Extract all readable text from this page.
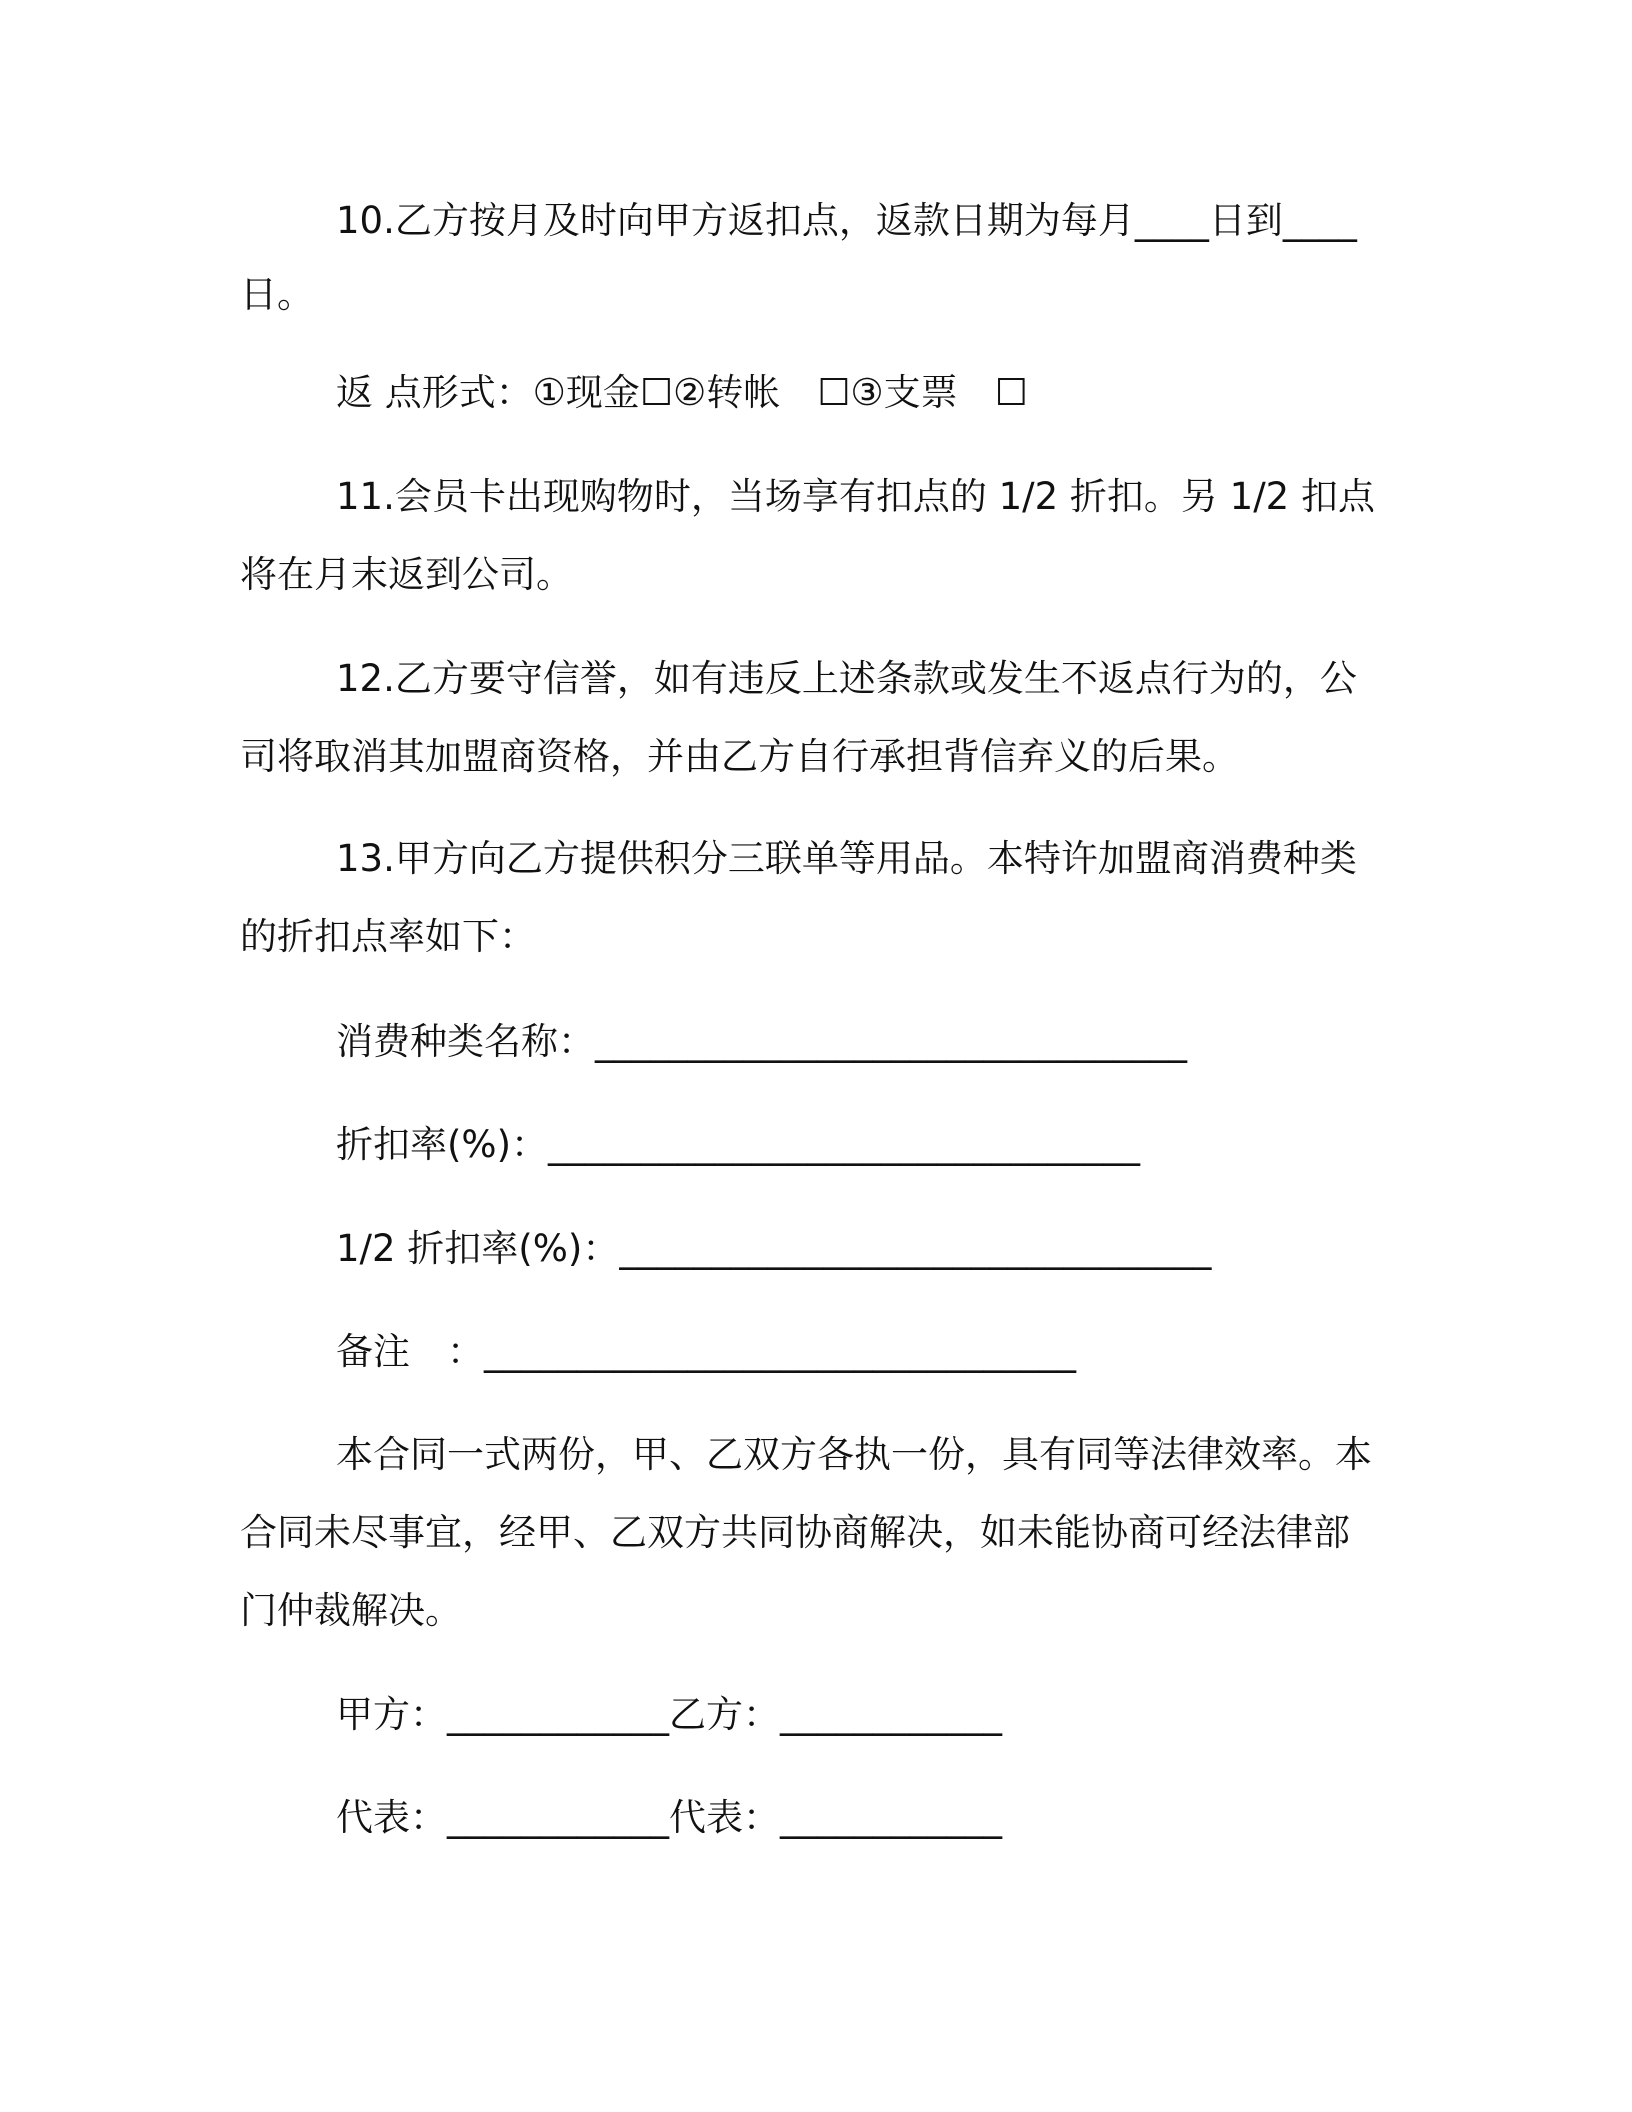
10.乙方按月及时向甲方返扣点，返款日期为每月____日到____

日。

返 点形式：①现金☐②转帐　☐③支票　☐

11.会员卡出现购物时，当场享有扣点的 1/2 折扣。另 1/2 扣点

将在月末返到公司。

12.乙方要守信誉，如有违反上述条款或发生不返点行为的，公

司将取消其加盟商资格，并由乙方自行承担背信弃义的后果。

13.甲方向乙方提供积分三联单等用品。本特许加盟商消费种类

的折扣点率如下：

消费种类名称：________________________________

折扣率(%)：________________________________

1/2 折扣率(%)：________________________________

备注　：________________________________

本合同一式两份，甲、乙双方各执一份，具有同等法律效率。本

合同未尽事宜，经甲、乙双方共同协商解决，如未能协商可经法律部

门仲裁解决。

甲方：____________乙方：____________

代表：____________代表：____________
